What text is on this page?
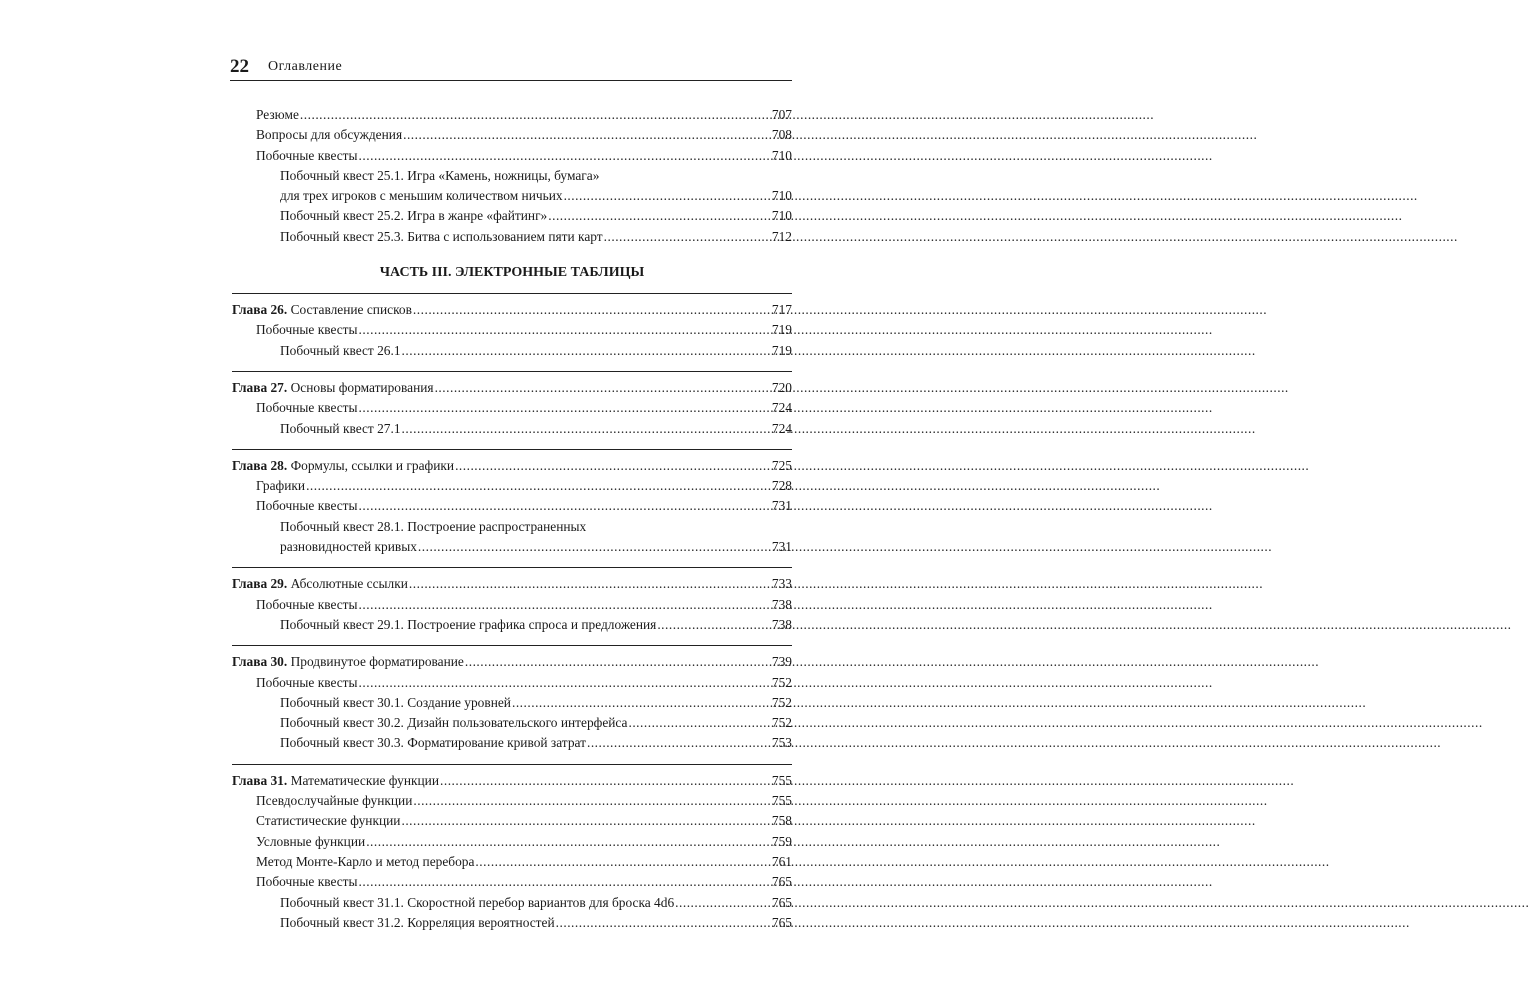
22 Оглавление
Резюме .....	707
Вопросы для обсуждения .....	708
Побочные квесты .....	710
Побочный квест 25.1. Игра «Камень, ножницы, бумага»
для трех игроков с меньшим количеством ничьих .....	710
Побочный квест 25.2. Игра в жанре «файтинг» .....	710
Побочный квест 25.3. Битва с использованием пяти карт .....	712
ЧАСТЬ III. ЭЛЕКТРОННЫЕ ТАБЛИЦЫ
Глава 26. Составление списков .....	717
Побочные квесты .....	719
Побочный квест 26.1 .....	719
Глава 27. Основы форматирования .....	720
Побочные квесты .....	724
Побочный квест 27.1 .....	724
Глава 28. Формулы, ссылки и графики .....	725
Графики .....	728
Побочные квесты .....	731
Побочный квест 28.1. Построение распространенных
разновидностей кривых .....	731
Глава 29. Абсолютные ссылки .....	733
Побочные квесты .....	738
Побочный квест 29.1. Построение графика спроса и предложения .....	738
Глава 30. Продвинутое форматирование .....	739
Побочные квесты .....	752
Побочный квест 30.1. Создание уровней .....	752
Побочный квест 30.2. Дизайн пользовательского интерфейса .....	752
Побочный квест 30.3. Форматирование кривой затрат .....	753
Глава 31. Математические функции .....	755
Псевдослучайные функции .....	755
Статистические функции .....	758
Условные функции .....	759
Метод Монте-Карло и метод перебора .....	761
Побочные квесты .....	765
Побочный квест 31.1. Скоростной перебор вариантов для броска 4d6 .....	765
Побочный квест 31.2. Корреляция вероятностей .....	765
